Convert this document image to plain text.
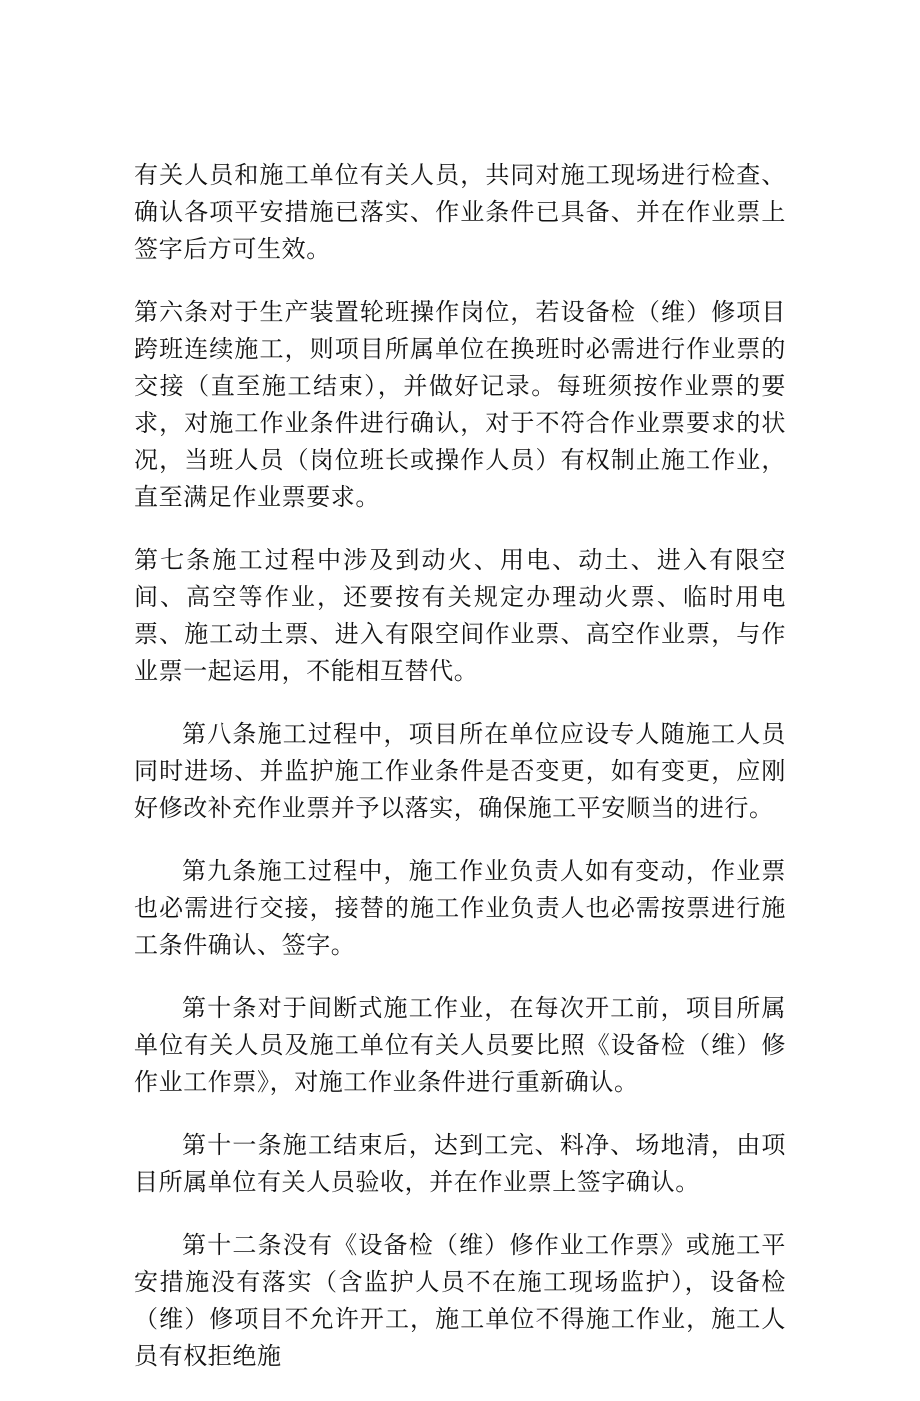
有关人员和施工单位有关人员，共同对施工现场进行检查、确认各项平安措施已落实、作业条件已具备、并在作业票上签字后方可生效。

第六条对于生产装置轮班操作岗位，若设备检（维）修项目跨班连续施工，则项目所属单位在换班时必需进行作业票的交接（直至施工结束），并做好记录。每班须按作业票的要求，对施工作业条件进行确认，对于不符合作业票要求的状况，当班人员（岗位班长或操作人员）有权制止施工作业，直至满足作业票要求。

第七条施工过程中涉及到动火、用电、动土、进入有限空间、高空等作业，还要按有关规定办理动火票、临时用电票、施工动土票、进入有限空间作业票、高空作业票，与作业票一起运用，不能相互替代。

第八条施工过程中，项目所在单位应设专人随施工人员同时进场、并监护施工作业条件是否变更，如有变更，应刚好修改补充作业票并予以落实，确保施工平安顺当的进行。

第九条施工过程中，施工作业负责人如有变动，作业票也必需进行交接，接替的施工作业负责人也必需按票进行施工条件确认、签字。

第十条对于间断式施工作业，在每次开工前，项目所属单位有关人员及施工单位有关人员要比照《设备检（维）修作业工作票》，对施工作业条件进行重新确认。

第十一条施工结束后，达到工完、料净、场地清，由项目所属单位有关人员验收，并在作业票上签字确认。

第十二条没有《设备检（维）修作业工作票》或施工平安措施没有落实（含监护人员不在施工现场监护），设备检（维）修项目不允许开工，施工单位不得施工作业，施工人员有权拒绝施
